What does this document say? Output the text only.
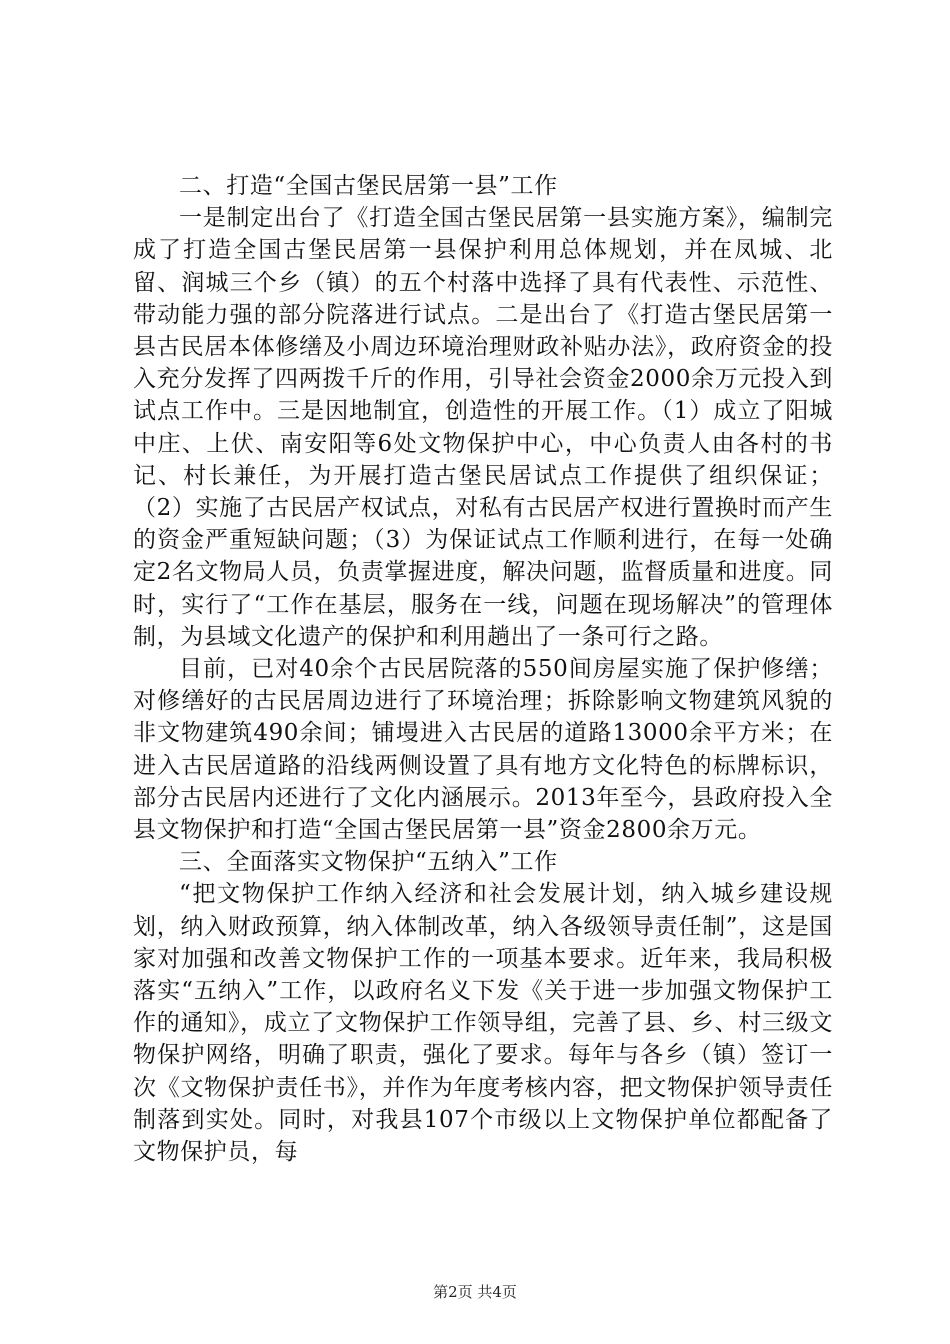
二、打造“全国古堡民居第一县”工作

一是制定出台了《打造全国古堡民居第一县实施方案》，编制完成了打造全国古堡民居第一县保护利用总体规划，并在凤城、北留、润城三个乡（镇）的五个村落中选择了具有代表性、示范性、带动能力强的部分院落进行试点。二是出台了《打造古堡民居第一县古民居本体修缮及小周边环境治理财政补贴办法》，政府资金的投入充分发挥了四两拨千斤的作用，引导社会资金2000余万元投入到试点工作中。三是因地制宜，创造性的开展工作。（1）成立了阳城中庄、上伏、南安阳等6处文物保护中心，中心负责人由各村的书记、村长兼任，为开展打造古堡民居试点工作提供了组织保证；（2）实施了古民居产权试点，对私有古民居产权进行置换时而产生的资金严重短缺问题；（3）为保证试点工作顺利进行，在每一处确定2名文物局人员，负责掌握进度，解决问题，监督质量和进度。同时，实行了“工作在基层，服务在一线，问题在现场解决”的管理体制，为县域文化遗产的保护和利用趟出了一条可行之路。

目前，已对40余个古民居院落的550间房屋实施了保护修缮；对修缮好的古民居周边进行了环境治理；拆除影响文物建筑风貌的非文物建筑490余间；铺墁进入古民居的道路13000余平方米；在进入古民居道路的沿线两侧设置了具有地方文化特色的标牌标识，部分古民居内还进行了文化内涵展示。2013年至今，县政府投入全县文物保护和打造“全国古堡民居第一县”资金2800余万元。

三、全面落实文物保护“五纳入”工作

“把文物保护工作纳入经济和社会发展计划，纳入城乡建设规划，纳入财政预算，纳入体制改革，纳入各级领导责任制”，这是国家对加强和改善文物保护工作的一项基本要求。近年来，我局积极落实“五纳入”工作，以政府名义下发《关于进一步加强文物保护工作的通知》，成立了文物保护工作领导组，完善了县、乡、村三级文物保护网络，明确了职责，强化了要求。每年与各乡（镇）签订一次《文物保护责任书》，并作为年度考核内容，把文物保护领导责任制落到实处。同时，对我县107个市级以上文物保护单位都配备了文物保护员，每

第2页 共4页
